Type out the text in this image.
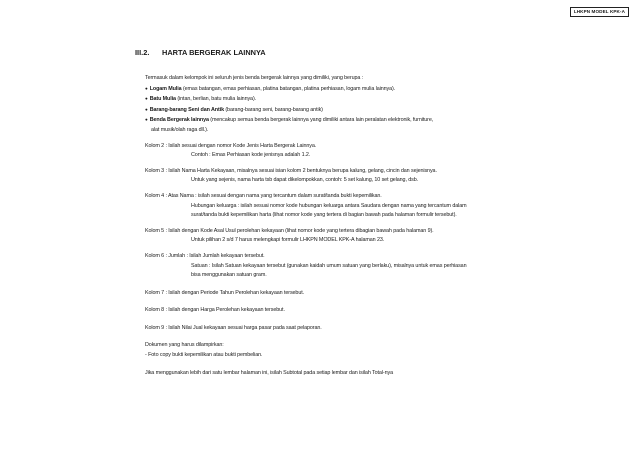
LHKPN MODEL KPK-A
III.2. HARTA BERGERAK LAINNYA

Termasuk dalam kelompok ini seluruh jenis benda bergerak lainnya yang dimiliki, yang berupa :

● Logam Mulia (emas batangan, emas perhiasan, platina batangan, platina perhiasan, logam mulia lainnya).
● Batu Mulia (intan, berlian, batu mulia lainnya).
● Barang-barang Seni dan Antik (barang-barang seni, barang-barang antik)
● Benda Bergerak lainnya (mencakup semua benda bergerak lainnya yang dimiliki antara lain peralatan elektronik, furniture,

alat musik/olah raga dll.).

Kolom 2 : Isilah sesuai dengan nomor Kode Jenis Harta Bergerak Lainnya.

Contoh : Emas Perhiasan kode jenisnya adalah 1.2.

Kolom 3 : Isilah Nama Harta Kekayaan, misalnya sesuai isian kolom 2 bentuknya berupa kalung, gelang, cincin dan sejenisnya.

Untuk yang sejenis, nama harta tsb dapat dikelompokkan, contoh: 5 set kalung, 10 set gelang, dsb.

Kolom 4 : Atas Nama : isilah sesuai dengan nama yang tercantum dalam surat/tanda bukti kepemilikan.

Hubungan keluarga : isilah sesuai nomor kode hubungan keluarga antara Saudara dengan nama yang tercantum dalam

surat/tanda bukti kepemilikan harta (lihat nomor kode yang tertera di bagian bawah pada halaman formulir tersebut).

Kolom 5 : Isilah dengan Kode Asal Usul perolehan kekayaan (lihat nomor kode yang tertera dibagian bawah pada halaman 9).

Untuk pilihan 2 s/d 7 harus melengkapi formulir LHKPN MODEL KPK-A halaman 23.

Kolom 6 : Jumlah : Isilah Jumlah kekayaan tersebut.

Satuan : Isilah Satuan kekayaan tersebut (gunakan kaidah umum satuan yang berlaku), misalnya untuk emas perhiasan

bisa menggunakan satuan gram.

Kolom 7 : Isilah dengan Periode Tahun Perolehan kekayaan tersebut.

Kolom 8 : Isilah dengan Harga Perolehan kekayaan tersebut.

Kolom 9 : Isilah Nilai Jual kekayaan sesuai harga pasar pada saat pelaporan.

Dokumen yang harus dilampirkan:

- Foto copy bukti kepemilikan atau bukti pembelian.

Jika menggunakan lebih dari satu lembar halaman ini, isilah Subtotal pada setiap lembar dan isilah Total-nya
